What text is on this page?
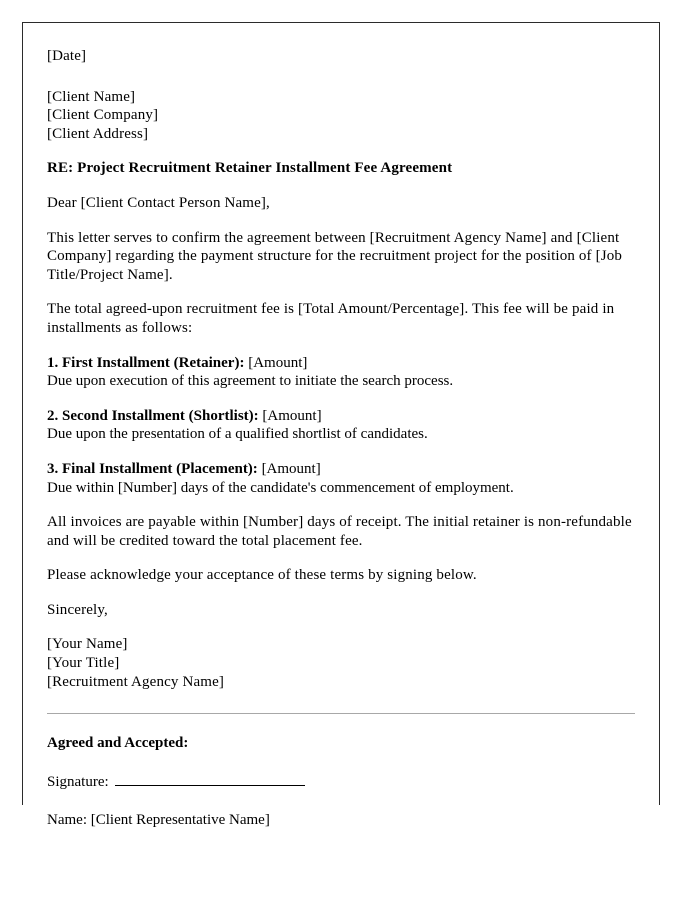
[Date]
[Client Name]
[Client Company]
[Client Address]
RE: Project Recruitment Retainer Installment Fee Agreement
Dear [Client Contact Person Name],
This letter serves to confirm the agreement between [Recruitment Agency Name] and [Client Company] regarding the payment structure for the recruitment project for the position of [Job Title/Project Name].
The total agreed-upon recruitment fee is [Total Amount/Percentage]. This fee will be paid in installments as follows:
1. First Installment (Retainer): [Amount]
Due upon execution of this agreement to initiate the search process.
2. Second Installment (Shortlist): [Amount]
Due upon the presentation of a qualified shortlist of candidates.
3. Final Installment (Placement): [Amount]
Due within [Number] days of the candidate's commencement of employment.
All invoices are payable within [Number] days of receipt. The initial retainer is non-refundable and will be credited toward the total placement fee.
Please acknowledge your acceptance of these terms by signing below.
Sincerely,
[Your Name]
[Your Title]
[Recruitment Agency Name]
Agreed and Accepted:
Signature:
Name: [Client Representative Name]
